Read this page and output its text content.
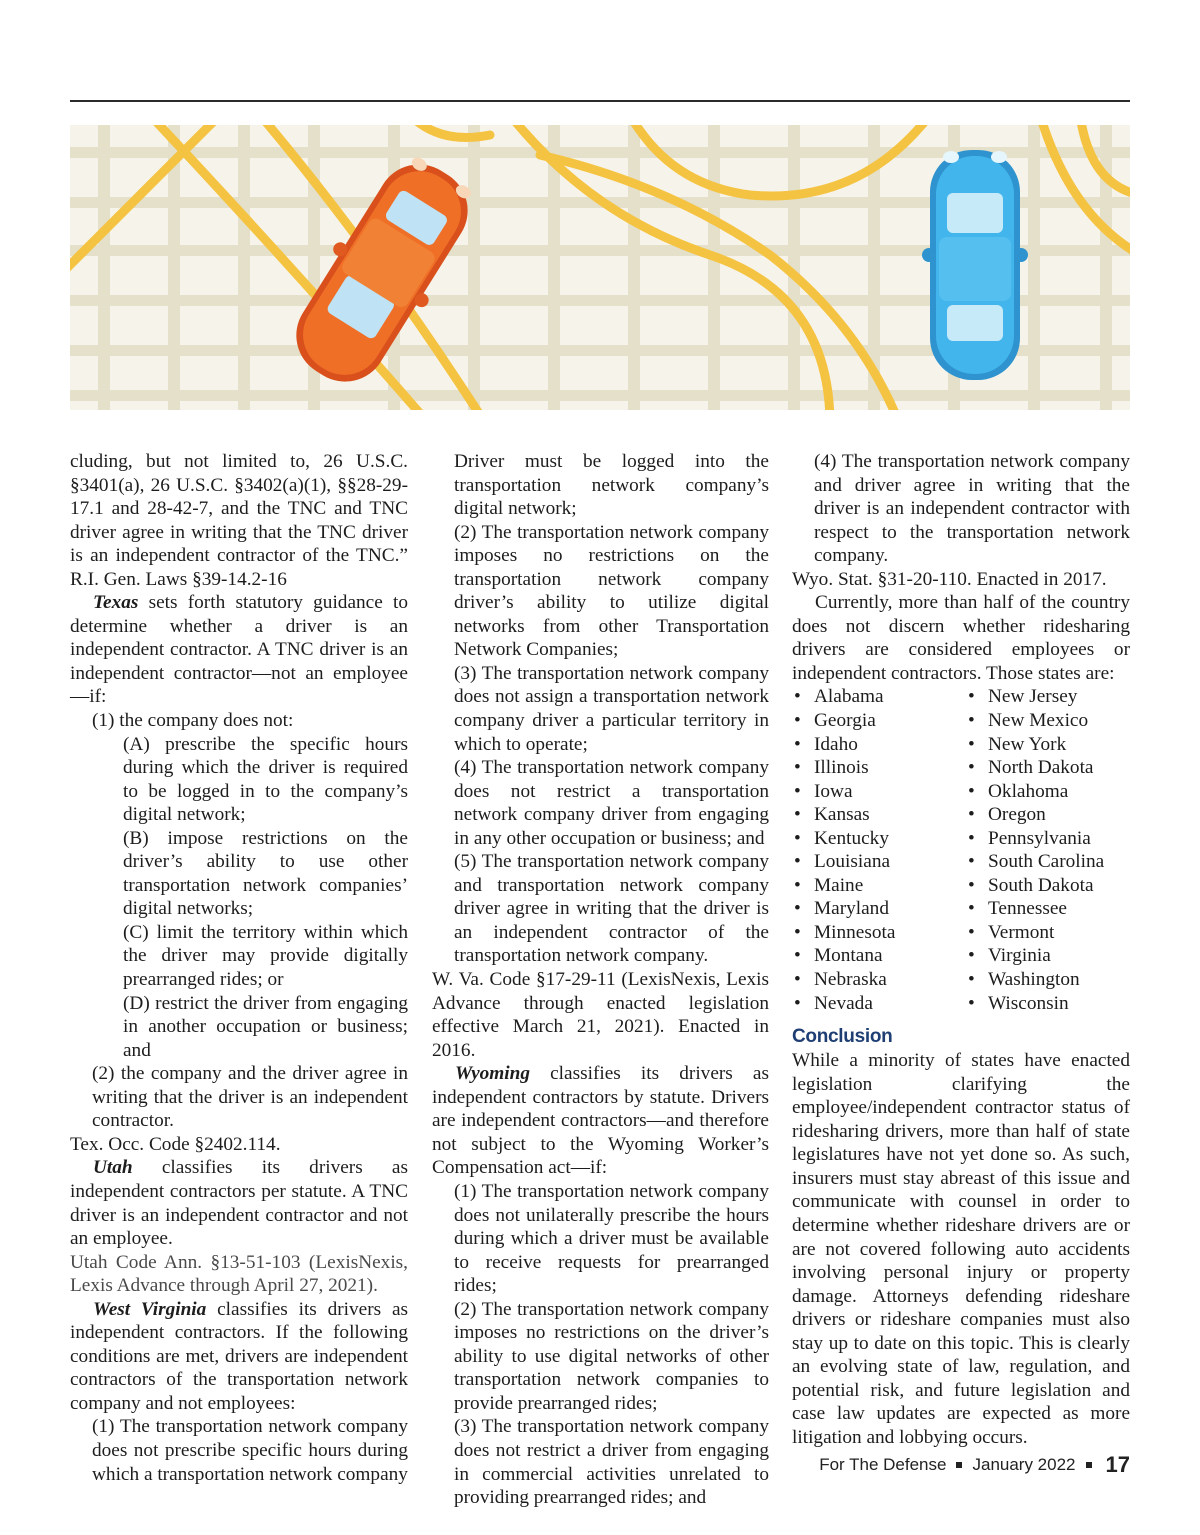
cluding, but not limited to, 26 U.S.C. §3401(a), 26 U.S.C. §3402(a)(1), §§28-29-17.1 and 28-42-7, and the TNC and TNC driver agree in writing that the TNC driver is an independent contractor of the TNC.” R.I. Gen. Laws §39-14.2-16

Texas sets forth statutory guidance to determine whether a driver is an independent contractor. A TNC driver is an independent contractor—not an employee—if:

(1) the company does not:

(A) prescribe the specific hours during which the driver is required to be logged in to the company’s digital network;

(B) impose restrictions on the driver’s ability to use other transportation network companies’ digital networks;

(C) limit the territory within which the driver may provide digitally prearranged rides; or

(D) restrict the driver from engaging in another occupation or business; and

(2) the company and the driver agree in writing that the driver is an independent contractor.

Tex. Occ. Code §2402.114.

Utah classifies its drivers as independent contractors per statute. A TNC driver is an independent contractor and not an employee.

Utah Code Ann. §13-51-103 (LexisNexis, Lexis Advance through April 27, 2021).

West Virginia classifies its drivers as independent contractors. If the following conditions are met, drivers are independent contractors of the transportation network company and not employees:

(1) The transportation network company does not prescribe specific hours during which a transportation network company

Driver must be logged into the transportation network company’s digital network;

(2) The transportation network company imposes no restrictions on the transportation network company driver’s ability to utilize digital networks from other Transportation Network Companies;

(3) The transportation network company does not assign a transportation network company driver a particular territory in which to operate;

(4) The transportation network company does not restrict a transportation network company driver from engaging in any other occupation or business; and

(5) The transportation network company and transportation network company driver agree in writing that the driver is an independent contractor of the transportation network company.

W. Va. Code §17-29-11 (LexisNexis, Lexis Advance through enacted legislation effective March 21, 2021). Enacted in 2016.

Wyoming classifies its drivers as independent contractors by statute. Drivers are independent contractors—and therefore not subject to the Wyoming Worker’s Compensation act—if:

(1) The transportation network company does not unilaterally prescribe the hours during which a driver must be available to receive requests for prearranged rides;

(2) The transportation network company imposes no restrictions on the driver’s ability to use digital networks of other transportation network companies to provide prearranged rides;

(3) The transportation network company does not restrict a driver from engaging in commercial activities unrelated to providing prearranged rides; and

(4) The transportation network company and driver agree in writing that the driver is an independent contractor with respect to the transportation network company.

Wyo. Stat. §31-20-110. Enacted in 2017.

Currently, more than half of the country does not discern whether ridesharing drivers are considered employees or independent contractors. Those states are:

• Alabama
• Georgia
• Idaho
• Illinois
• Iowa
• Kansas
• Kentucky
• Louisiana
• Maine
• Maryland
• Minnesota
• Montana
• Nebraska
• Nevada
• New Jersey
• New Mexico
• New York
• North Dakota
• Oklahoma
• Oregon
• Pennsylvania
• South Carolina
• South Dakota
• Tennessee
• Vermont
• Virginia
• Washington
• Wisconsin
Conclusion

While a minority of states have enacted legislation clarifying the employee/independent contractor status of ridesharing drivers, more than half of state legislatures have not yet done so. As such, insurers must stay abreast of this issue and communicate with counsel in order to determine whether rideshare drivers are or are not covered following auto accidents involving personal injury or property damage. Attorneys defending rideshare drivers or rideshare companies must also stay up to date on this topic. This is clearly an evolving state of law, regulation, and potential risk, and future legislation and case law updates are expected as more litigation and lobbying occurs.

For The Defense January 2022 17
